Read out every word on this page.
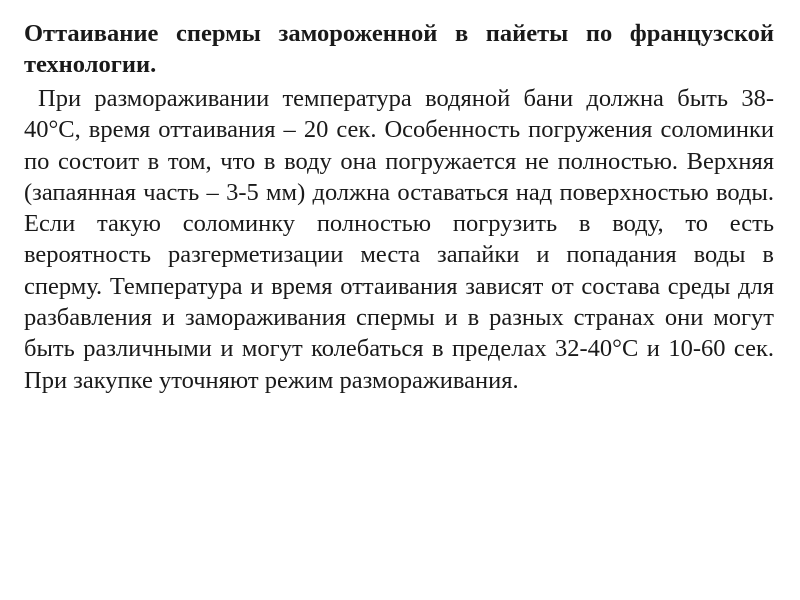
Оттаивание спермы замороженной в пайеты по французской технологии.

При размораживании температура водяной бани должна быть 38-40°С, время оттаивания – 20 сек. Особенность погружения соломинки по состоит в том, что в воду она погружается не полностью. Верхняя (запаянная часть – 3-5 мм) должна оставаться над поверхностью воды. Если такую соломинку полностью погрузить в воду, то есть вероятность разгерметизации места запайки и попадания воды в сперму. Температура и время оттаивания зависят от состава среды для разбавления и замораживания спермы и в разных странах они могут быть различными и могут колебаться в пределах 32-40°С и 10-60 сек. При закупке уточняют режим размораживания.
